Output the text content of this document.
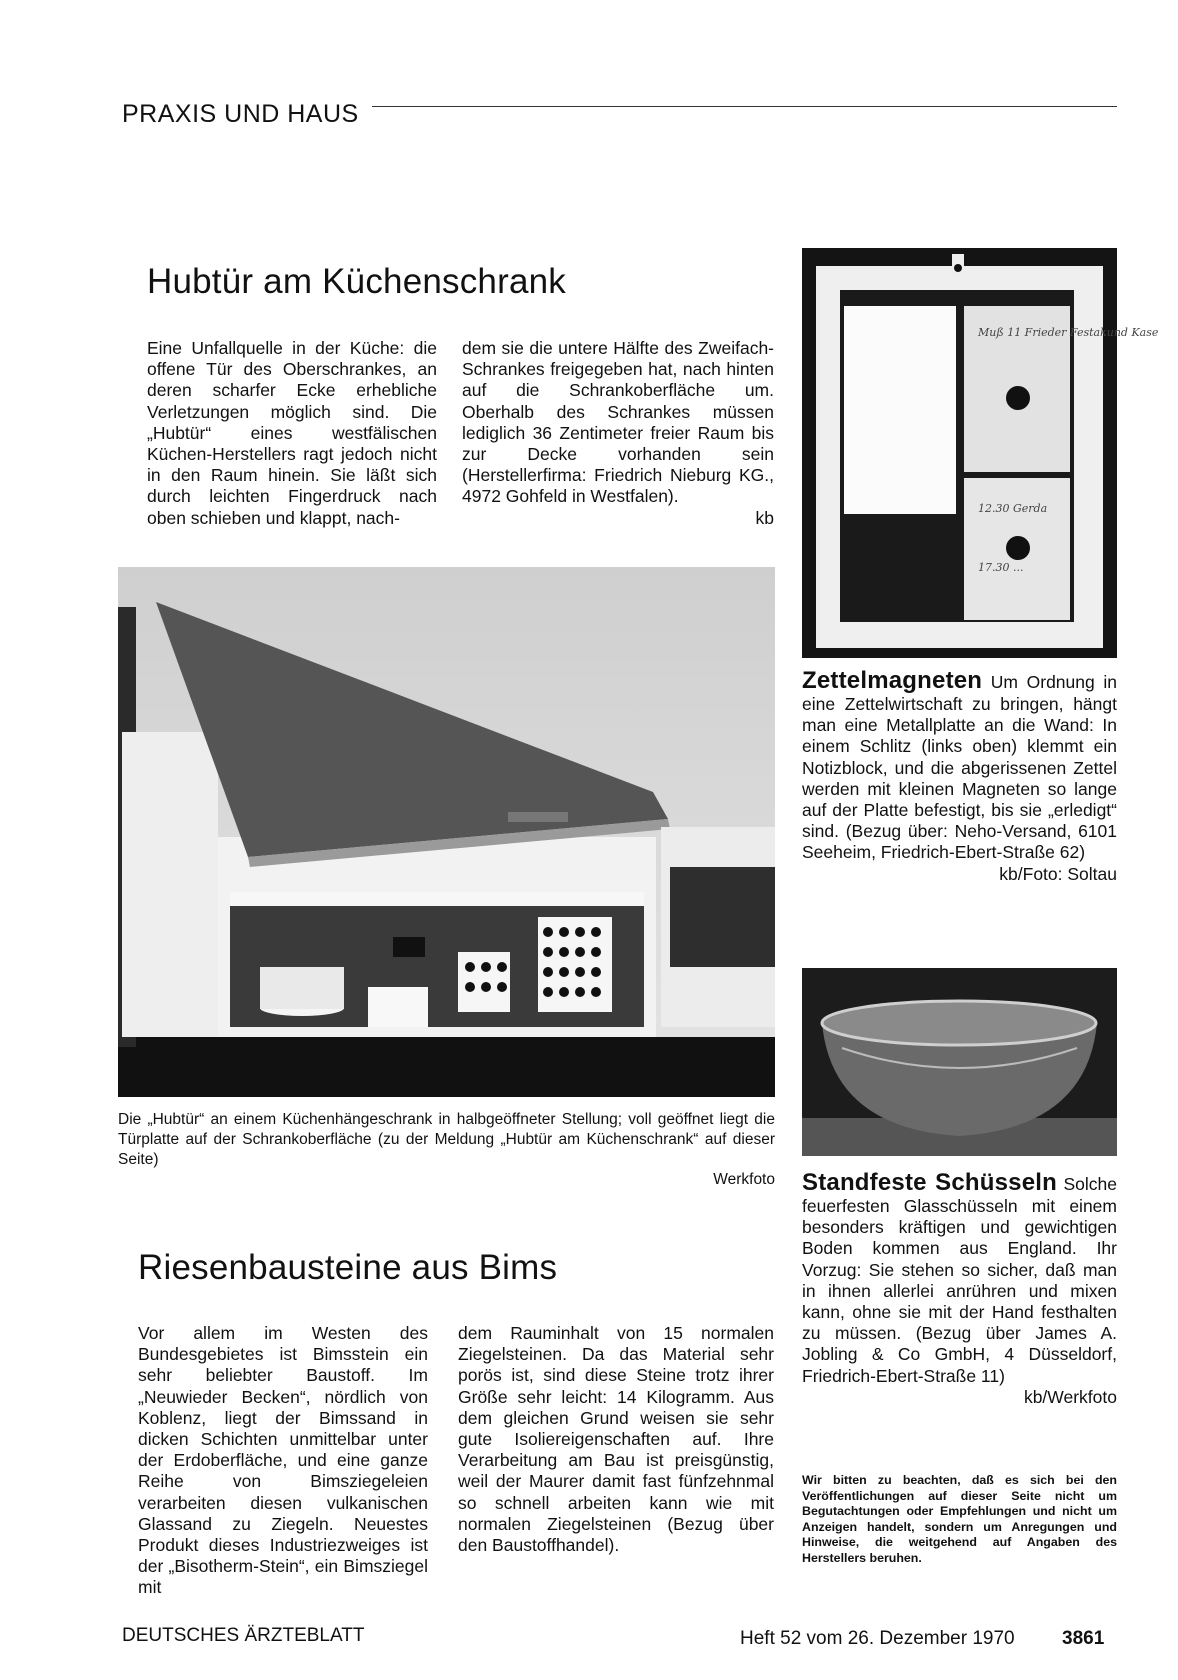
PRAXIS UND HAUS
Hubtür am Küchenschrank

Eine Unfallquelle in der Küche: die offene Tür des Oberschrankes, an deren scharfer Ecke erhebliche Verletzungen möglich sind. Die „Hubtür“ eines westfälischen Küchen-Herstellers ragt jedoch nicht in den Raum hinein. Sie läßt sich durch leichten Fingerdruck nach oben schieben und klappt, nach-

dem sie die untere Hälfte des Zweifach-Schrankes freigegeben hat, nach hinten auf die Schrankoberfläche um. Oberhalb des Schrankes müssen lediglich 36 Zentimeter freier Raum bis zur Decke vorhanden sein (Herstellerfirma: Friedrich Nieburg KG., 4972 Gohfeld in Westfalen).

kb

Muß 11 Frieder Festakund Kase
12.30 Gerda
17.30 ...
Die „Hubtür“ an einem Küchenhängeschrank in halbgeöffneter Stellung; voll geöffnet liegt die Türplatte auf der Schrankoberfläche (zu der Meldung „Hubtür am Küchenschrank“ auf dieser Seite)
Werkfoto

Zettelmagneten Um Ordnung in eine Zettelwirtschaft zu bringen, hängt man eine Metallplatte an die Wand: In einem Schlitz (links oben) klemmt ein Notizblock, und die abgerissenen Zettel werden mit kleinen Magneten so lange auf der Platte befestigt, bis sie „erledigt“ sind. (Bezug über: Neho-Versand, 6101 Seeheim, Friedrich-Ebert-Straße 62)

kb/Foto: Soltau

Standfeste Schüsseln Solche feuerfesten Glasschüsseln mit einem besonders kräftigen und gewichtigen Boden kommen aus England. Ihr Vorzug: Sie stehen so sicher, daß man in ihnen allerlei anrühren und mixen kann, ohne sie mit der Hand festhalten zu müssen. (Bezug über James A. Jobling & Co GmbH, 4 Düsseldorf, Friedrich-Ebert-Straße 11)

kb/Werkfoto

Wir bitten zu beachten, daß es sich bei den Veröffentlichungen auf dieser Seite nicht um Begutachtungen oder Empfehlungen und nicht um Anzeigen handelt, sondern um Anregungen und Hinweise, die weitgehend auf Angaben des Herstellers beruhen.
Riesenbausteine aus Bims

Vor allem im Westen des Bundesgebietes ist Bimsstein ein sehr beliebter Baustoff. Im „Neuwieder Becken“, nördlich von Koblenz, liegt der Bimssand in dicken Schichten unmittelbar unter der Erdoberfläche, und eine ganze Reihe von Bimsziegeleien verarbeiten diesen vulkanischen Glassand zu Ziegeln. Neuestes Produkt dieses Industriezweiges ist der „Bisotherm-Stein“, ein Bimsziegel mit

dem Rauminhalt von 15 normalen Ziegelsteinen. Da das Material sehr porös ist, sind diese Steine trotz ihrer Größe sehr leicht: 14 Kilogramm. Aus dem gleichen Grund weisen sie sehr gute Isoliereigenschaften auf. Ihre Verarbeitung am Bau ist preisgünstig, weil der Maurer damit fast fünfzehnmal so schnell arbeiten kann wie mit normalen Ziegelsteinen (Bezug über den Baustoffhandel).

DEUTSCHES ÄRZTEBLATT	Heft 52 vom 26. Dezember 1970 3861
